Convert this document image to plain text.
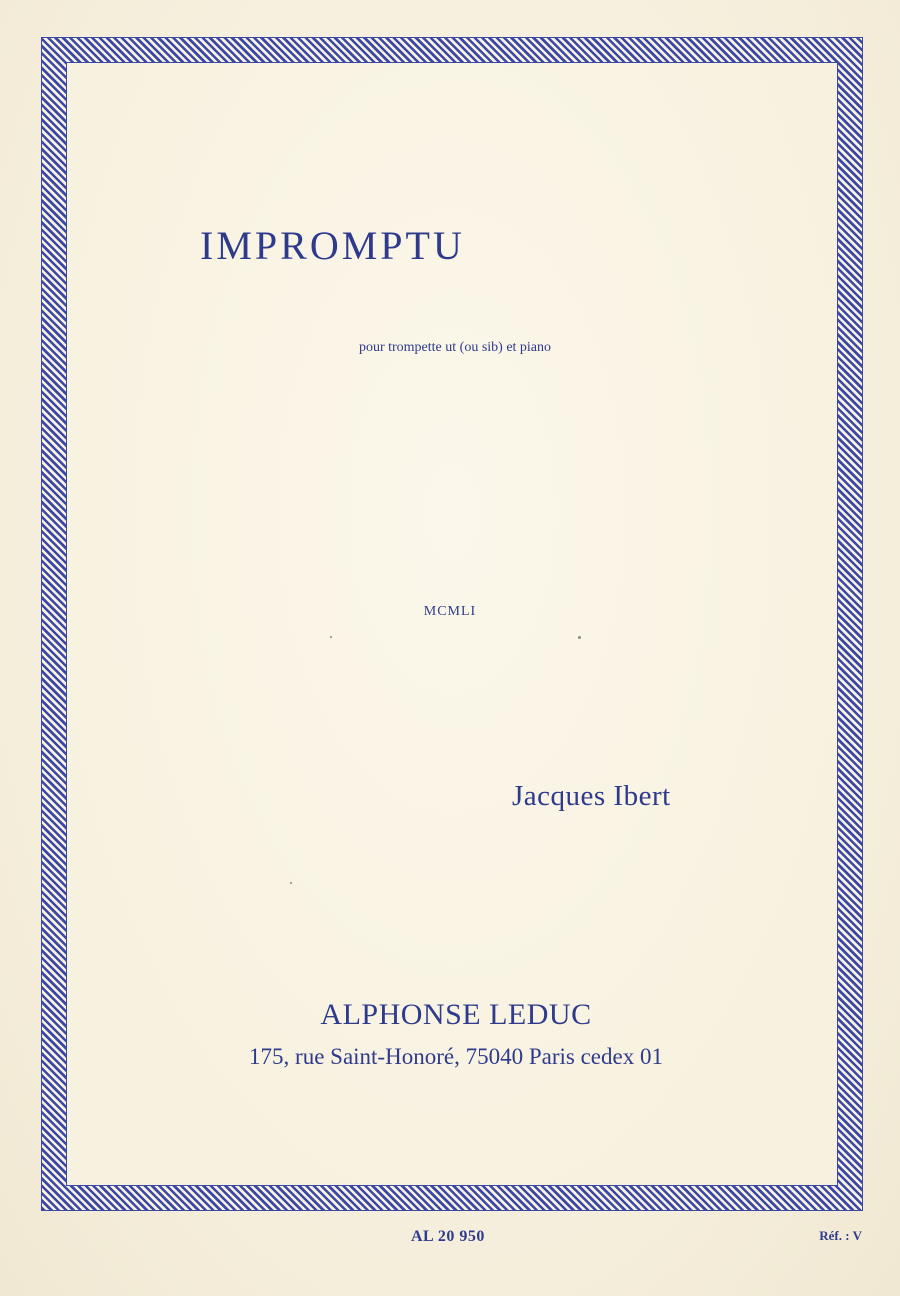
IMPROMPTU
pour trompette ut (ou sib) et piano
MCMLI
Jacques Ibert
ALPHONSE LEDUC
175, rue Saint-Honoré, 75040 Paris cedex 01
AL 20 950	Réf. : V
